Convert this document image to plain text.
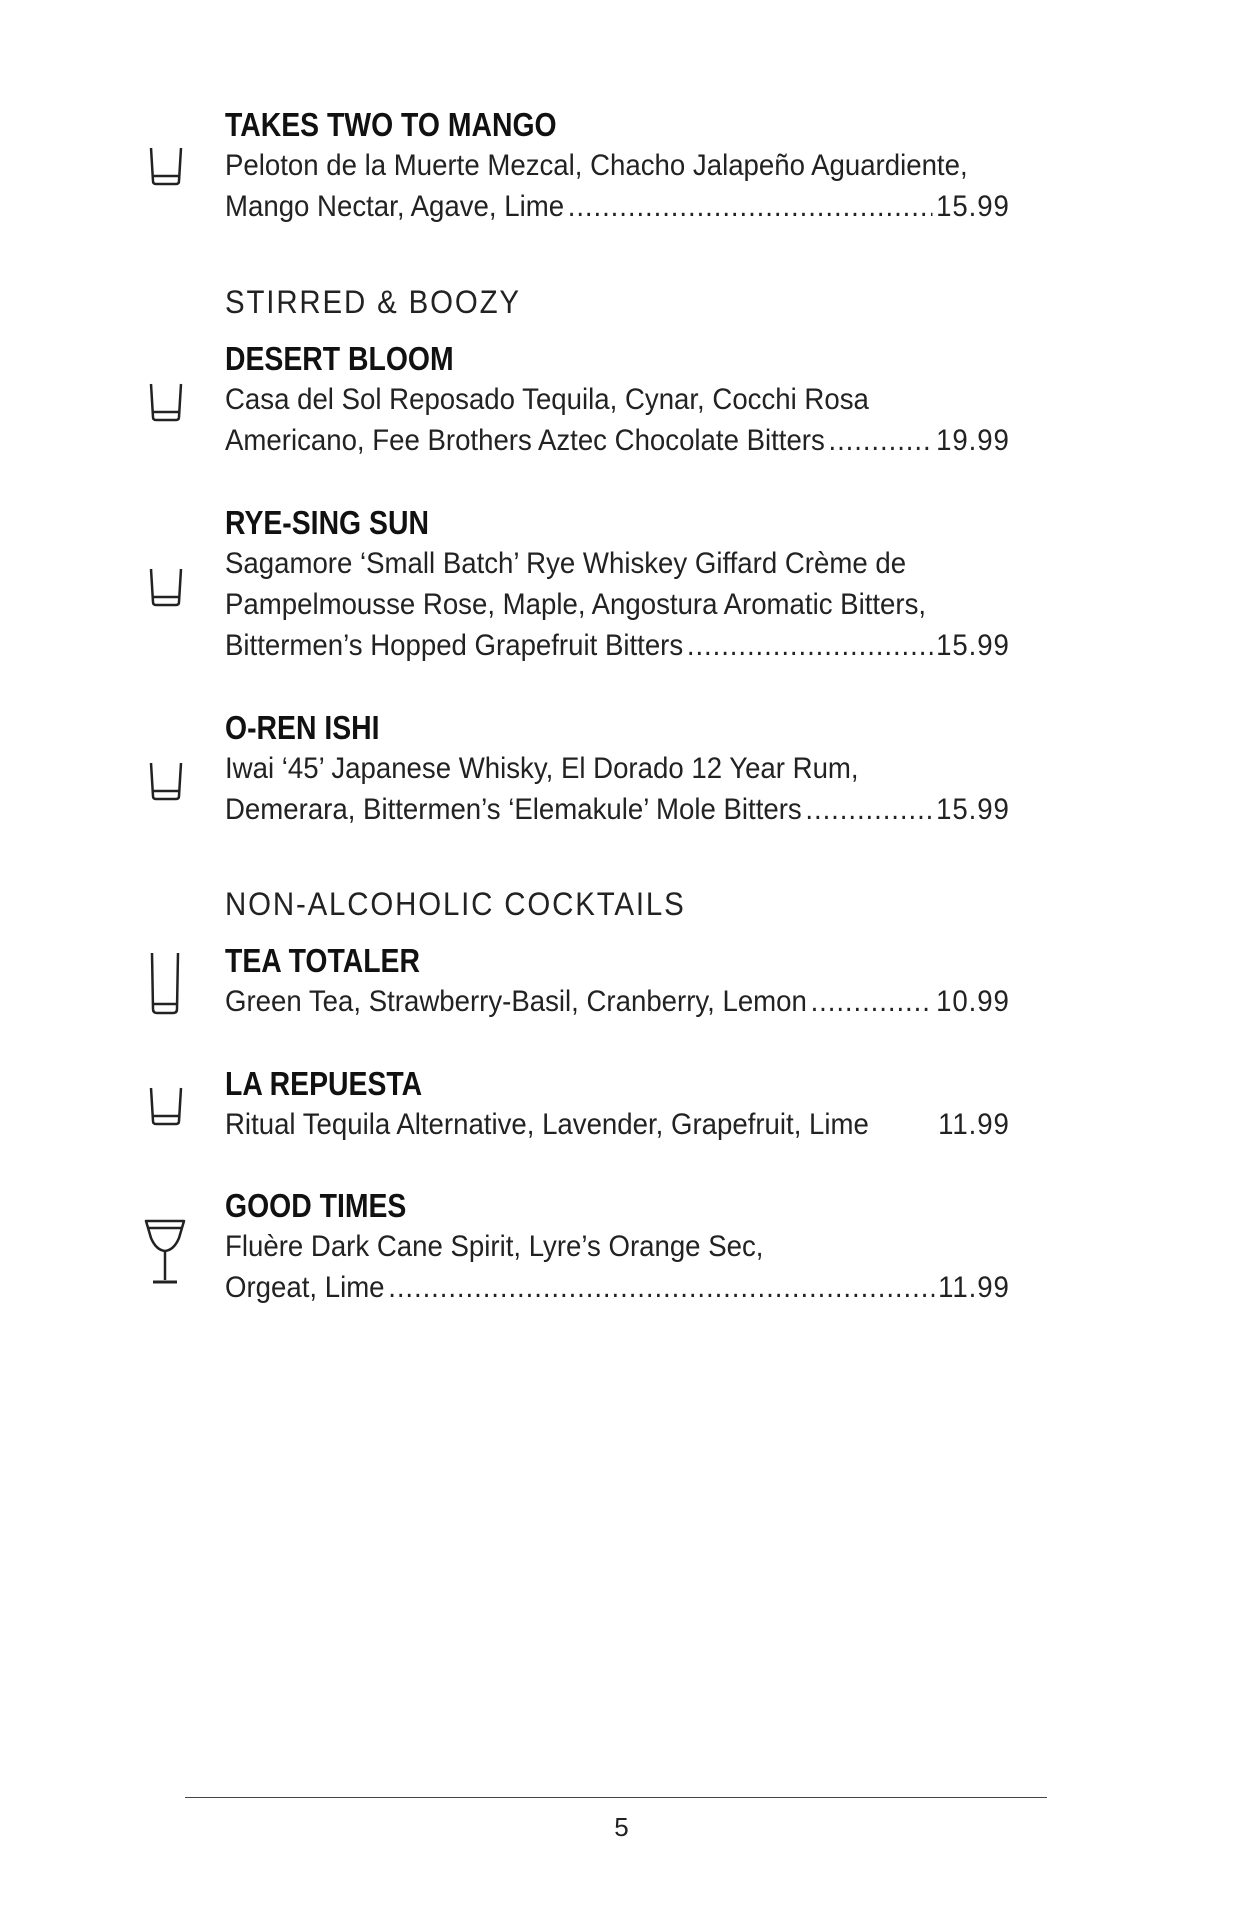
TAKES TWO TO MANGO
Peloton de la Muerte Mezcal, Chacho Jalapeño Aguardiente,
Mango Nectar, Agave, Lime .....	15.99
STIRRED & BOOZY
DESERT BLOOM
Casa del Sol Reposado Tequila, Cynar, Cocchi Rosa
Americano, Fee Brothers Aztec Chocolate Bitters .....	19.99
RYE-SING SUN
Sagamore ‘Small Batch’ Rye Whiskey Giffard Crème de
Pampelmousse Rose, Maple, Angostura Aromatic Bitters,
Bittermen’s Hopped Grapefruit Bitters .....	15.99
O-REN ISHI
Iwai ‘45’ Japanese Whisky, El Dorado 12 Year Rum,
Demerara, Bittermen’s ‘Elemakule’ Mole Bitters .....	15.99
NON-ALCOHOLIC COCKTAILS
TEA TOTALER
Green Tea, Strawberry-Basil, Cranberry, Lemon .....	10.99
LA REPUESTA
Ritual Tequila Alternative, Lavender, Grapefruit, Lime 11.99
GOOD TIMES
Fluère Dark Cane Spirit, Lyre’s Orange Sec,
Orgeat, Lime .....	11.99
5
